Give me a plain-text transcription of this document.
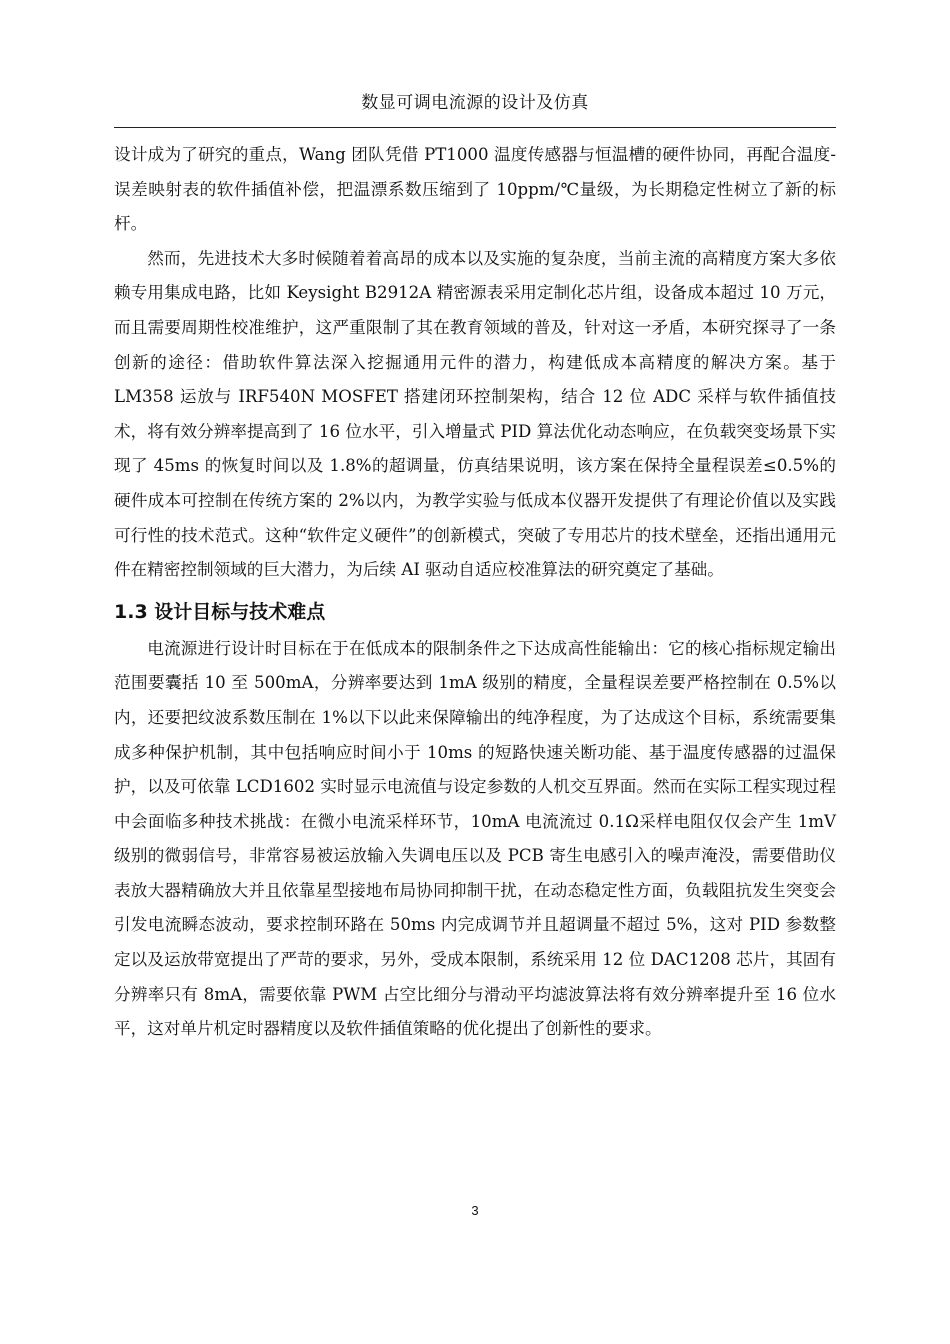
数显可调电流源的设计及仿真

设计成为了研究的重点，Wang 团队凭借 PT1000 温度传感器与恒温槽的硬件协同，再配合温度-误差映射表的软件插值补偿，把温漂系数压缩到了 10ppm/℃量级，为长期稳定性树立了新的标杆。

然而，先进技术大多时候随着着高昂的成本以及实施的复杂度，当前主流的高精度方案大多依赖专用集成电路，比如 Keysight B2912A 精密源表采用定制化芯片组，设备成本超过 10 万元，而且需要周期性校准维护，这严重限制了其在教育领域的普及，针对这一矛盾，本研究探寻了一条创新的途径：借助软件算法深入挖掘通用元件的潜力，构建低成本高精度的解决方案。基于 LM358 运放与 IRF540N MOSFET 搭建闭环控制架构，结合 12 位 ADC 采样与软件插值技术，将有效分辨率提高到了 16 位水平，引入增量式 PID 算法优化动态响应，在负载突变场景下实现了 45ms 的恢复时间以及 1.8%的超调量，仿真结果说明，该方案在保持全量程误差≤0.5%的硬件成本可控制在传统方案的 2%以内，为教学实验与低成本仪器开发提供了有理论价值以及实践可行性的技术范式。这种“软件定义硬件”的创新模式，突破了专用芯片的技术壁垒，还指出通用元件在精密控制领域的巨大潜力，为后续 AI 驱动自适应校准算法的研究奠定了基础。

1.3 设计目标与技术难点

电流源进行设计时目标在于在低成本的限制条件之下达成高性能输出：它的核心指标规定输出范围要囊括 10 至 500mA，分辨率要达到 1mA 级别的精度，全量程误差要严格控制在 0.5%以内，还要把纹波系数压制在 1%以下以此来保障输出的纯净程度，为了达成这个目标，系统需要集成多种保护机制，其中包括响应时间小于 10ms 的短路快速关断功能、基于温度传感器的过温保护，以及可依靠 LCD1602 实时显示电流值与设定参数的人机交互界面。然而在实际工程实现过程中会面临多种技术挑战：在微小电流采样环节，10mA 电流流过 0.1Ω采样电阻仅仅会产生 1mV 级别的微弱信号，非常容易被运放输入失调电压以及 PCB 寄生电感引入的噪声淹没，需要借助仪表放大器精确放大并且依靠星型接地布局协同抑制干扰，在动态稳定性方面，负载阻抗发生突变会引发电流瞬态波动，要求控制环路在 50ms 内完成调节并且超调量不超过 5%，这对 PID 参数整定以及运放带宽提出了严苛的要求，另外，受成本限制，系统采用 12 位 DAC1208 芯片，其固有分辨率只有 8mA，需要依靠 PWM 占空比细分与滑动平均滤波算法将有效分辨率提升至 16 位水平，这对单片机定时器精度以及软件插值策略的优化提出了创新性的要求。

3
